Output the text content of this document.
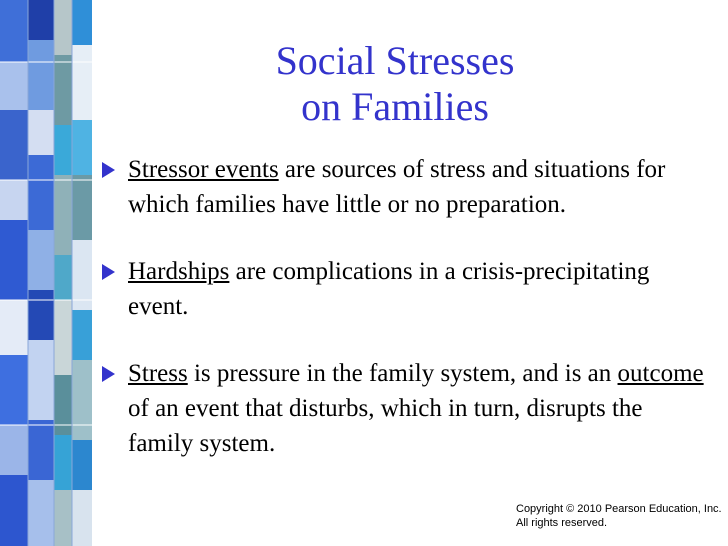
Social Stresses
on Families
Stressor events are sources of stress and situations for which families have little or no preparation.
Hardships are complications in a crisis-precipitating event.
Stress is pressure in the family system, and is an outcome of an event that disturbs, which in turn, disrupts the family system.
Copyright © 2010 Pearson Education, Inc.
All rights reserved.
